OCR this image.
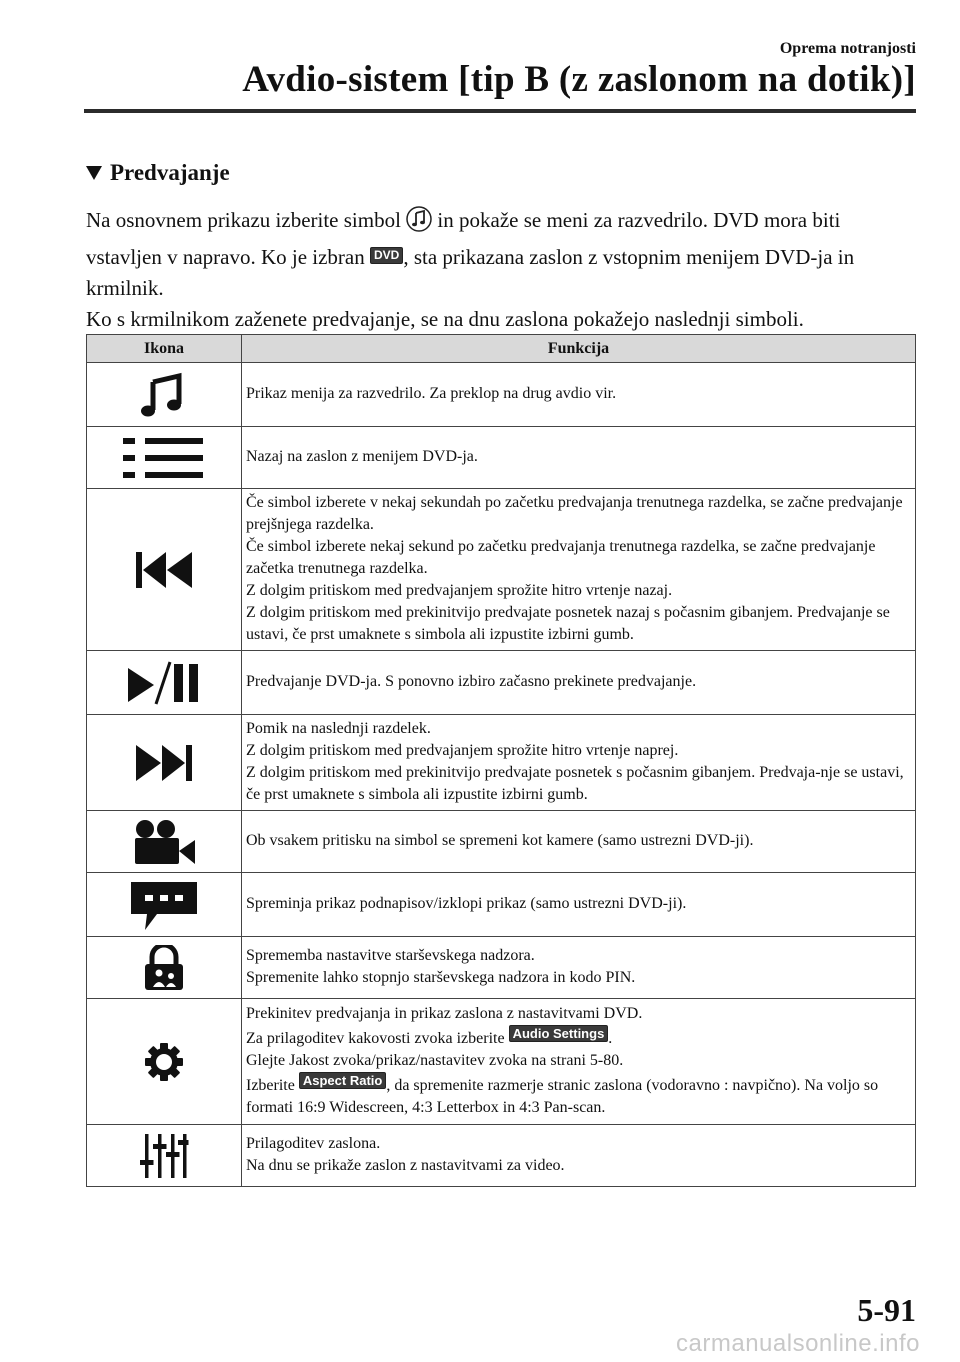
Oprema notranjosti
Avdio-sistem [tip B (z zaslonom na dotik)]
Predvajanje

Na osnovnem prikazu izberite simbol  in pokaže se meni za razvedrilo. DVD mora biti vstavljen v napravo. Ko je izbran DVD , sta prikazana zaslon z vstopnim menijem DVD-ja in krmilnik.

Ko s krmilnikom zaženete predvajanje, se na dnu zaslona pokažejo naslednji simboli.

Ikona	Funkcija

Prikaz menija za razvedrilo. Za preklop na drug avdio vir.

Nazaj na zaslon z menijem DVD-ja.

Če simbol izberete v nekaj sekundah po začetku predvajanja trenutnega razdelka, se začne predvajanje prejšnjega razdelka.
Če simbol izberete nekaj sekund po začetku predvajanja trenutnega razdelka, se začne predvajanje začetka trenutnega razdelka.
Z dolgim pritiskom med predvajanjem sprožite hitro vrtenje nazaj.
Z dolgim pritiskom med prekinitvijo predvajate posnetek nazaj s počasnim gibanjem. Predvajanje se ustavi, če prst umaknete s simbola ali izpustite izbirni gumb.

Predvajanje DVD-ja. S ponovno izbiro začasno prekinete predvajanje.

Pomik na naslednji razdelek.
Z dolgim pritiskom med predvajanjem sprožite hitro vrtenje naprej.
Z dolgim pritiskom med prekinitvijo predvajate posnetek s počasnim gibanjem. Predvaja-nje se ustavi, če prst umaknete s simbola ali izpustite izbirni gumb.

Ob vsakem pritisku na simbol se spremeni kot kamere (samo ustrezni DVD-ji).

Spreminja prikaz podnapisov/izklopi prikaz (samo ustrezni DVD-ji).

Sprememba nastavitve starševskega nadzora.
Spremenite lahko stopnjo starševskega nadzora in kodo PIN.

Prekinitev predvajanja in prikaz zaslona z nastavitvami DVD.
Za prilagoditev kakovosti zvoka izberite Audio Settings .
Glejte Jakost zvoka/prikaz/nastavitev zvoka na strani 5-80.
Izberite Aspect Ratio , da spremenite razmerje stranic zaslona (vodoravno : navpično). Na voljo so formati 16:9 Widescreen, 4:3 Letterbox in 4:3 Pan-scan.

Prilagoditev zaslona.
Na dnu se prikaže zaslon z nastavitvami za video.
5-91
carmanualsonline.info
